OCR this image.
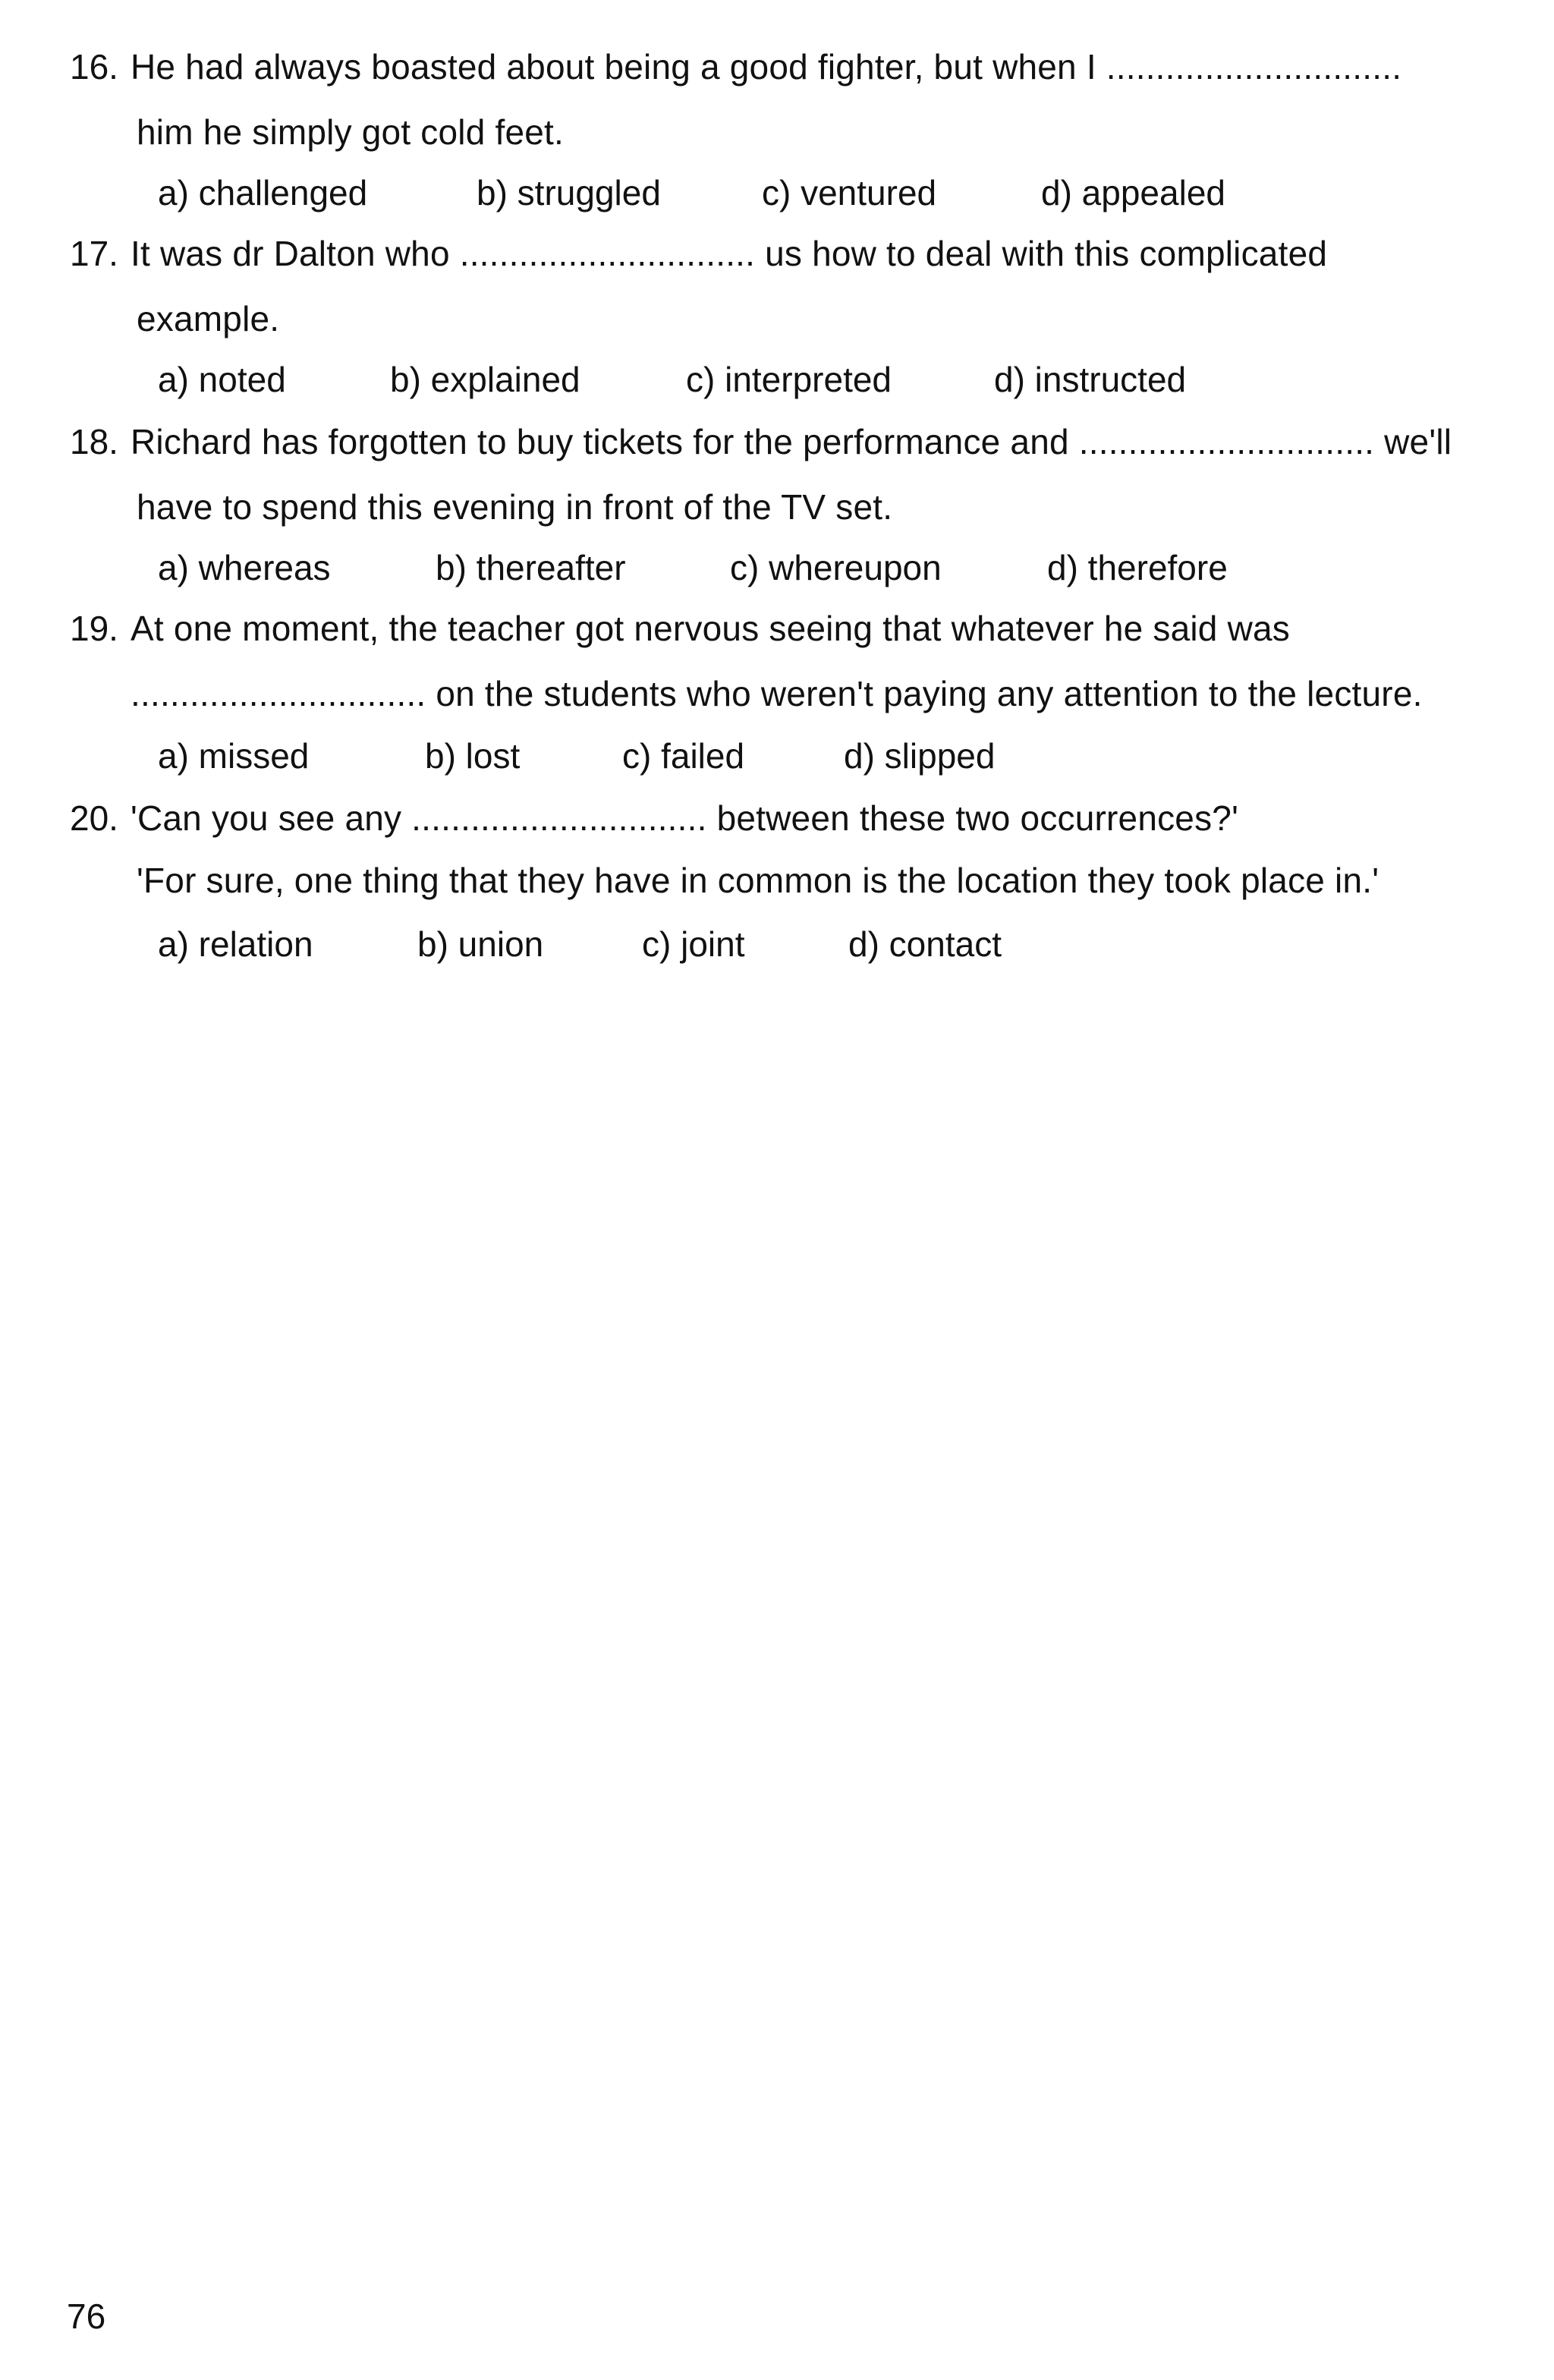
16. He had always boasted about being a good fighter, but when I ..............................
him he simply got cold feet.
a) challenged	b) struggled	c) ventured	d) appealed
17. It was dr Dalton who .............................. us how to deal with this complicated
example.
a) noted	b) explained	c) interpreted	d) instructed
18. Richard has forgotten to buy tickets for the performance and .............................. we'll
have to spend this evening in front of the TV set.
a) whereas	b) thereafter	c) whereupon	d) therefore
19. At one moment, the teacher got nervous seeing that whatever he said was
.............................. on the students who weren't paying any attention to the lecture.
a) missed	b) lost	c) failed	d) slipped
20. 'Can you see any .............................. between these two occurrences?'
'For sure, one thing that they have in common is the location they took place in.'
a) relation	b) union	c) joint	d) contact
76
